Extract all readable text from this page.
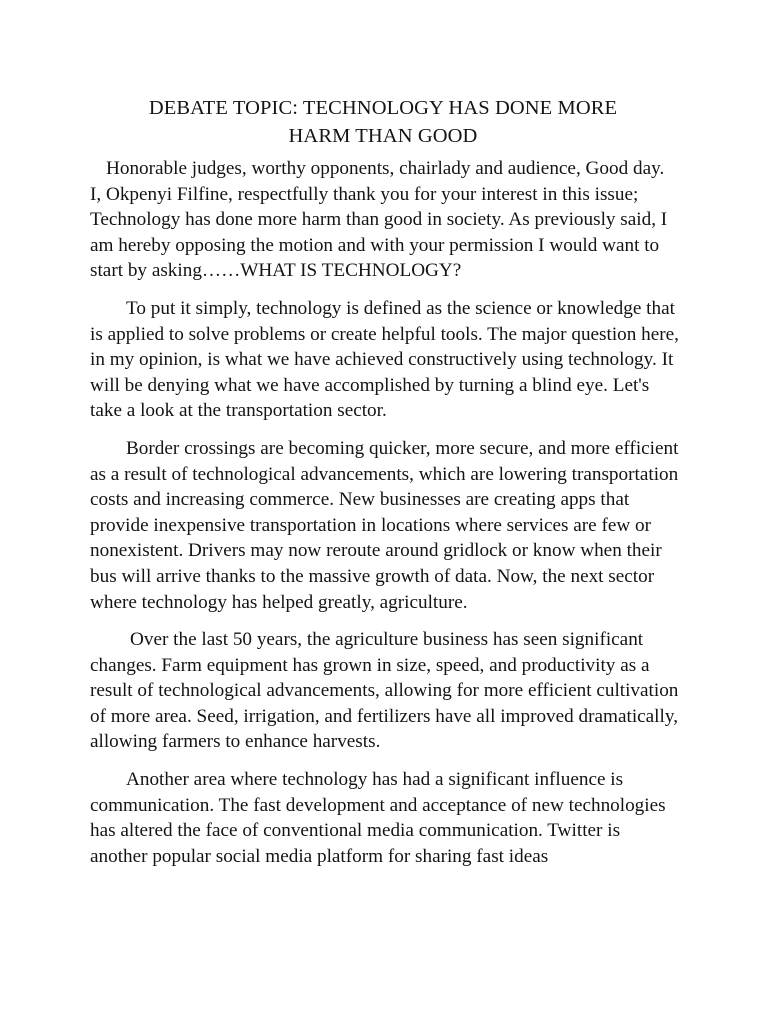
DEBATE TOPIC: TECHNOLOGY HAS DONE MORE
HARM THAN GOOD

Honorable judges, worthy opponents, chairlady and audience, Good day. I, Okpenyi Filfine, respectfully thank you for your interest in this issue; Technology has done more harm than good in society. As previously said, I am hereby opposing the motion and with your permission I would want to start by asking……WHAT IS TECHNOLOGY?

To put it simply, technology is defined as the science or knowledge that is applied to solve problems or create helpful tools. The major question here, in my opinion, is what we have achieved constructively using technology. It will be denying what we have accomplished by turning a blind eye. Let's take a look at the transportation sector.

Border crossings are becoming quicker, more secure, and more efficient as a result of technological advancements, which are lowering transportation costs and increasing commerce. New businesses are creating apps that provide inexpensive transportation in locations where services are few or nonexistent. Drivers may now reroute around gridlock or know when their bus will arrive thanks to the massive growth of data. Now, the next sector where technology has helped greatly, agriculture.

Over the last 50 years, the agriculture business has seen significant changes. Farm equipment has grown in size, speed, and productivity as a result of technological advancements, allowing for more efficient cultivation of more area. Seed, irrigation, and fertilizers have all improved dramatically, allowing farmers to enhance harvests.

Another area where technology has had a significant influence is communication. The fast development and acceptance of new technologies has altered the face of conventional media communication. Twitter is another popular social media platform for sharing fast ideas
